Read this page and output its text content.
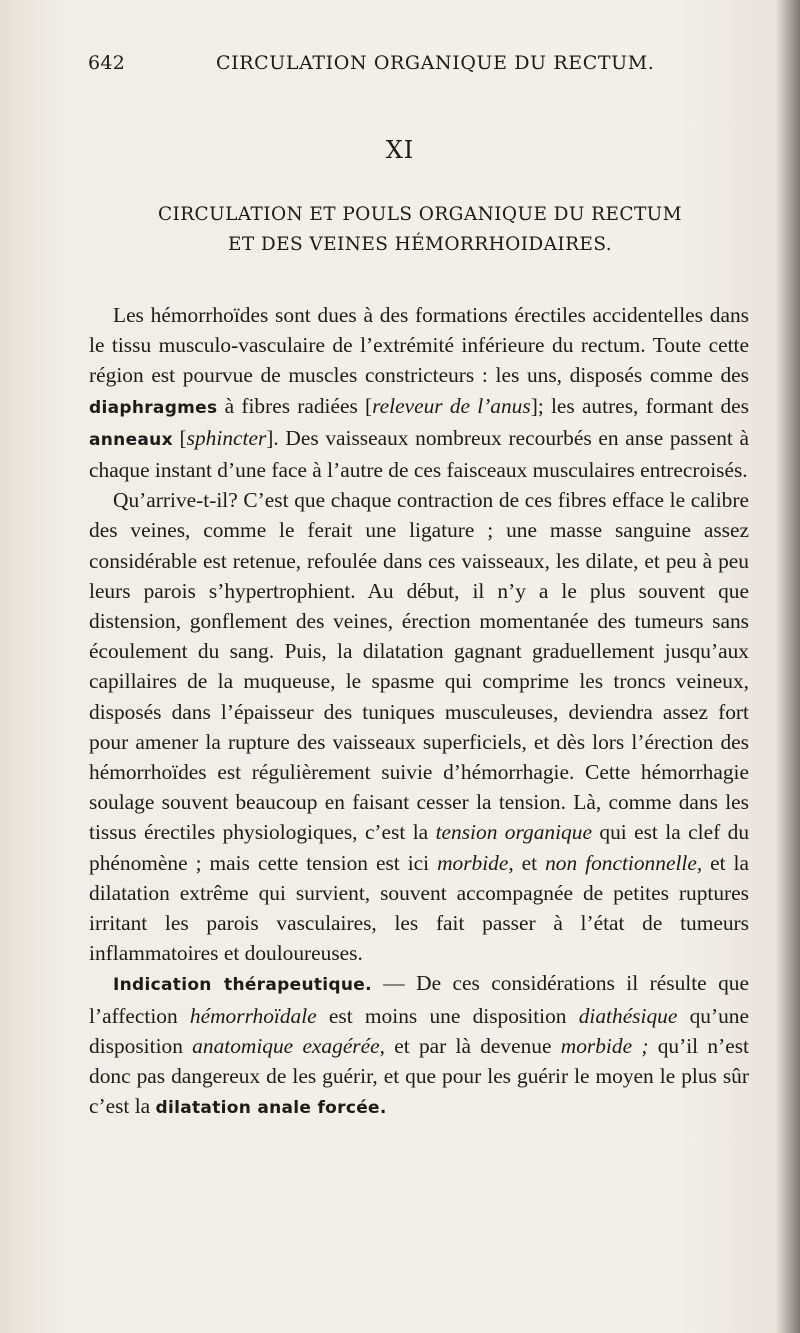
642	CIRCULATION ORGANIQUE DU RECTUM.
XI
CIRCULATION ET POULS ORGANIQUE DU RECTUM
ET DES VEINES HÉMORRHOIDAIRES.

Les hémorrhoïdes sont dues à des formations érectiles accidentelles dans le tissu musculo-vasculaire de l’extrémité inférieure du rectum. Toute cette région est pourvue de muscles constricteurs : les uns, disposés comme des diaphragmes à fibres radiées [releveur de l’anus]; les autres, formant des anneaux [sphincter]. Des vaisseaux nombreux recourbés en anse passent à chaque instant d’une face à l’autre de ces faisceaux musculaires entrecroisés.

Qu’arrive-t-il? C’est que chaque contraction de ces fibres efface le calibre des veines, comme le ferait une ligature ; une masse sanguine assez considérable est retenue, refoulée dans ces vaisseaux, les dilate, et peu à peu leurs parois s’hypertrophient. Au début, il n’y a le plus souvent que distension, gonflement des veines, érection momentanée des tumeurs sans écoulement du sang. Puis, la dilatation gagnant graduellement jusqu’aux capillaires de la muqueuse, le spasme qui comprime les troncs veineux, disposés dans l’épaisseur des tuniques musculeuses, deviendra assez fort pour amener la rupture des vaisseaux superficiels, et dès lors l’érection des hémorrhoïdes est régulièrement suivie d’hémorrhagie. Cette hémorrhagie soulage souvent beaucoup en faisant cesser la tension. Là, comme dans les tissus érectiles physiologiques, c’est la tension organique qui est la clef du phénomène ; mais cette tension est ici morbide, et non fonctionnelle, et la dilatation extrême qui survient, souvent accompagnée de petites ruptures irritant les parois vasculaires, les fait passer à l’état de tumeurs inflammatoires et douloureuses.

Indication thérapeutique. — De ces considérations il résulte que l’affection hémorrhoïdale est moins une disposition diathésique qu’une disposition anatomique exagérée, et par là devenue morbide ; qu’il n’est donc pas dangereux de les guérir, et que pour les guérir le moyen le plus sûr c’est la dilatation anale forcée.
